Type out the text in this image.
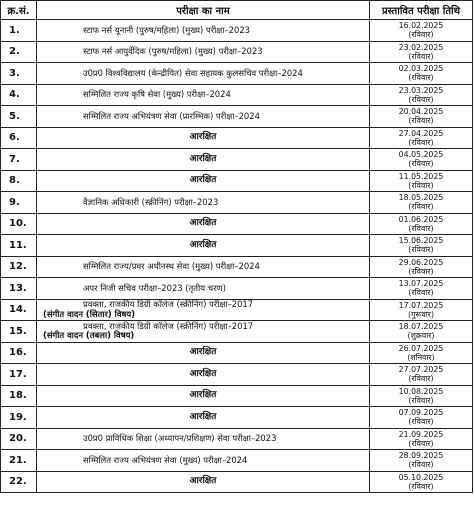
क्र.सं.	परीक्षा का नाम	प्रस्तावित परीक्षा तिथि
1.	स्टाफ नर्स यूनानी (पुरुष/महिला) (मुख्य) परीक्षा–2023	16.02.2025
(रविवार)

2.	स्टाफ नर्स आयुर्वेदिक (पुरुष/महिला) (मुख्य) परीक्षा–2023	23.02.2025
(रविवार)

3.	उ0प्र0 विश्वविद्यालय (केन्द्रीयित) सेवा सहायक कुलसचिव परीक्षा–2024	02.03.2025
(रविवार)

4.	सम्मिलित राज्य कृषि सेवा (मुख्य) परीक्षा–2024	23.03.2025
(रविवार)

5.	सम्मिलित राज्य अभियंत्रण सेवा (प्रारम्भिक) परीक्षा–2024	20.04.2025
(रविवार)

6.	आरक्षित	27.04.2025
(रविवार)

7.	आरक्षित	04.05.2025
(रविवार)

8.	आरक्षित	11.05.2025
(रविवार)

9.	वैज्ञानिक अधिकारी (स्क्रीनिंग) परीक्षा–2023	18.05.2025
(रविवार)

10.	आरक्षित	01.06.2025
(रविवार)

11.	आरक्षित	15.06.2025
(रविवार)

12.	सम्मिलित राज्य/प्रवर अधीनस्थ सेवा (मुख्य) परीक्षा–2024	29.06.2025
(रविवार)

13.	अपर निजी सचिव परीक्षा–2023 (तृतीय चरण)	13.07.2025
(रविवार)

14.	प्रवक्ता, राजकीय डिग्री कॉलेज (स्क्रीनिंग) परीक्षा–2017
(संगीत वादन (सितार) विषय)	17.07.2025
(गुरूवार)

15.	प्रवक्ता, राजकीय डिग्री कॉलेज (स्क्रीनिंग) परीक्षा–2017
(संगीत वादन (तबला) विषय)	18.07.2025
(शुक्रवार)

16.	आरक्षित	26.07.2025
(शनिवार)

17.	आरक्षित	27.07.2025
(रविवार)

18.	आरक्षित	10.08.2025
(रविवार)

19.	आरक्षित	07.09.2025
(रविवार)

20.	उ0प्र0 प्राविधिक शिक्षा (अध्यापन/प्रशिक्षण) सेवा परीक्षा–2023	21.09.2025
(रविवार)

21.	सम्मिलित राज्य अभियंत्रण सेवा (मुख्य) परीक्षा–2024	28.09.2025
(रविवार)

22.	आरक्षित	05.10.2025
(रविवार)
